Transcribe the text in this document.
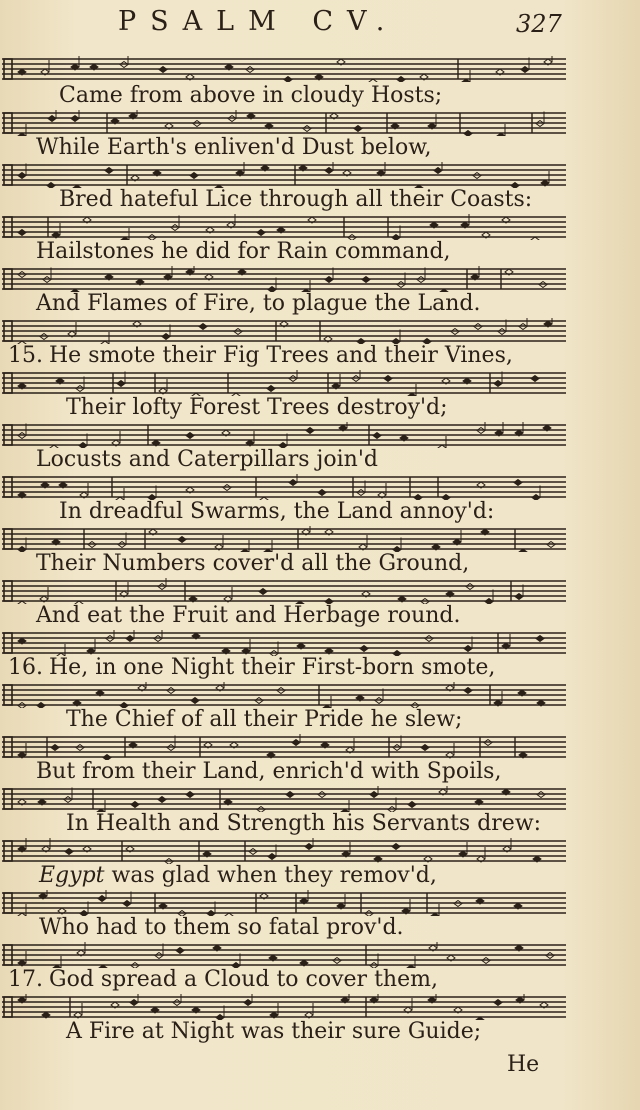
PSALM CV.	327
Came from above in cloudy Hosts;
While Earth's enliven'd Dust below,
Bred hateful Lice through all their Coasts:
Hailstones he did for Rain command,
And Flames of Fire, to plague the Land.
15. He smote their Fig Trees and their Vines,
Their lofty Forest Trees destroy'd;
Locusts and Caterpillars join'd
In dreadful Swarms, the Land annoy'd:
Their Numbers cover'd all the Ground,
And eat the Fruit and Herbage round.
16. He, in one Night their First-born smote,
The Chief of all their Pride he slew;
But from their Land, enrich'd with Spoils,
In Health and Strength his Servants drew:
Egypt was glad when they remov'd,
Who had to them so fatal prov'd.
17. God spread a Cloud to cover them,
A Fire at Night was their sure Guide;
He
